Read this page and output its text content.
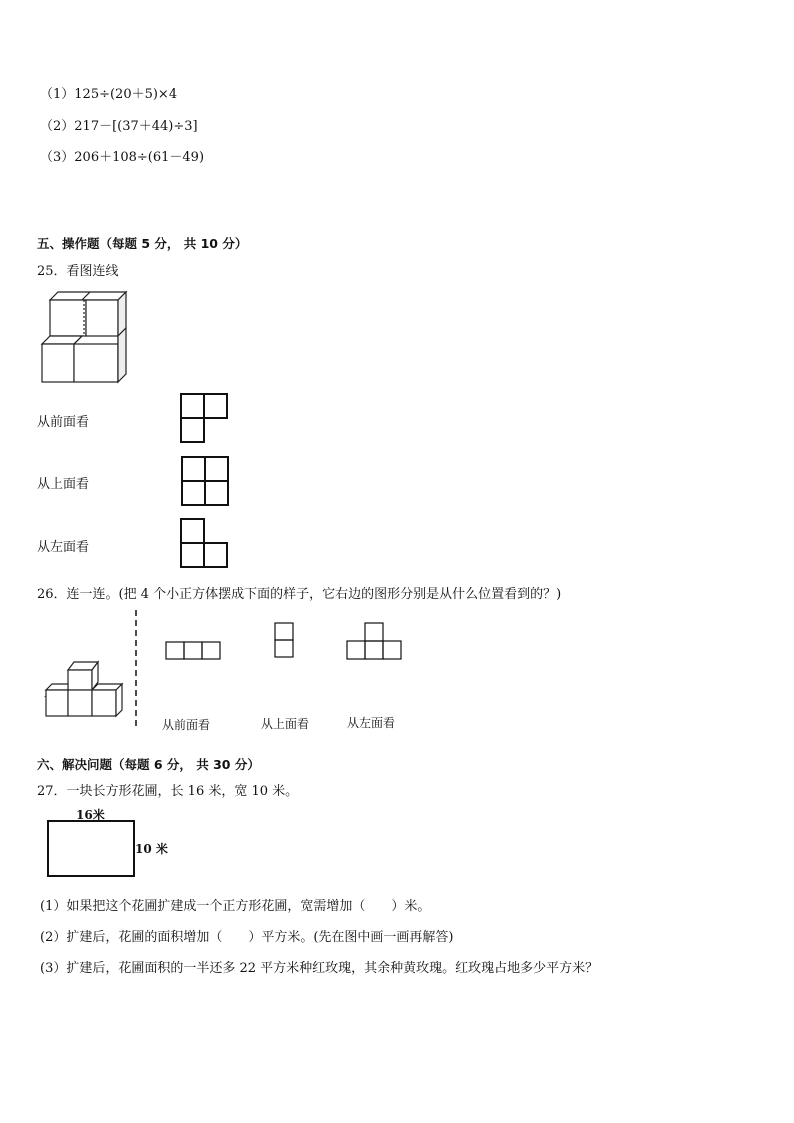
（1）125÷(20＋5)×4
（2）217－[(37＋44)÷3]
（3）206＋108÷(61－49)
五、操作题（每题 5 分， 共 10 分）
25．看图连线
从前面看
从上面看
从左面看
26．连一连。(把 4 个小正方体摆成下面的样子，它右边的图形分别是从什么位置看到的？)
从前面看	从上面看	从左面看
六、解决问题（每题 6 分， 共 30 分）
27．一块长方形花圃，长 16 米，宽 10 米。
16米
10 米
(1）如果把这个花圃扩建成一个正方形花圃，宽需增加（　　）米。
(2）扩建后，花圃的面积增加（　　）平方米。(先在图中画一画再解答)
(3）扩建后，花圃面积的一半还多 22 平方米种红玫瑰，其余种黄玫瑰。红玫瑰占地多少平方米？
